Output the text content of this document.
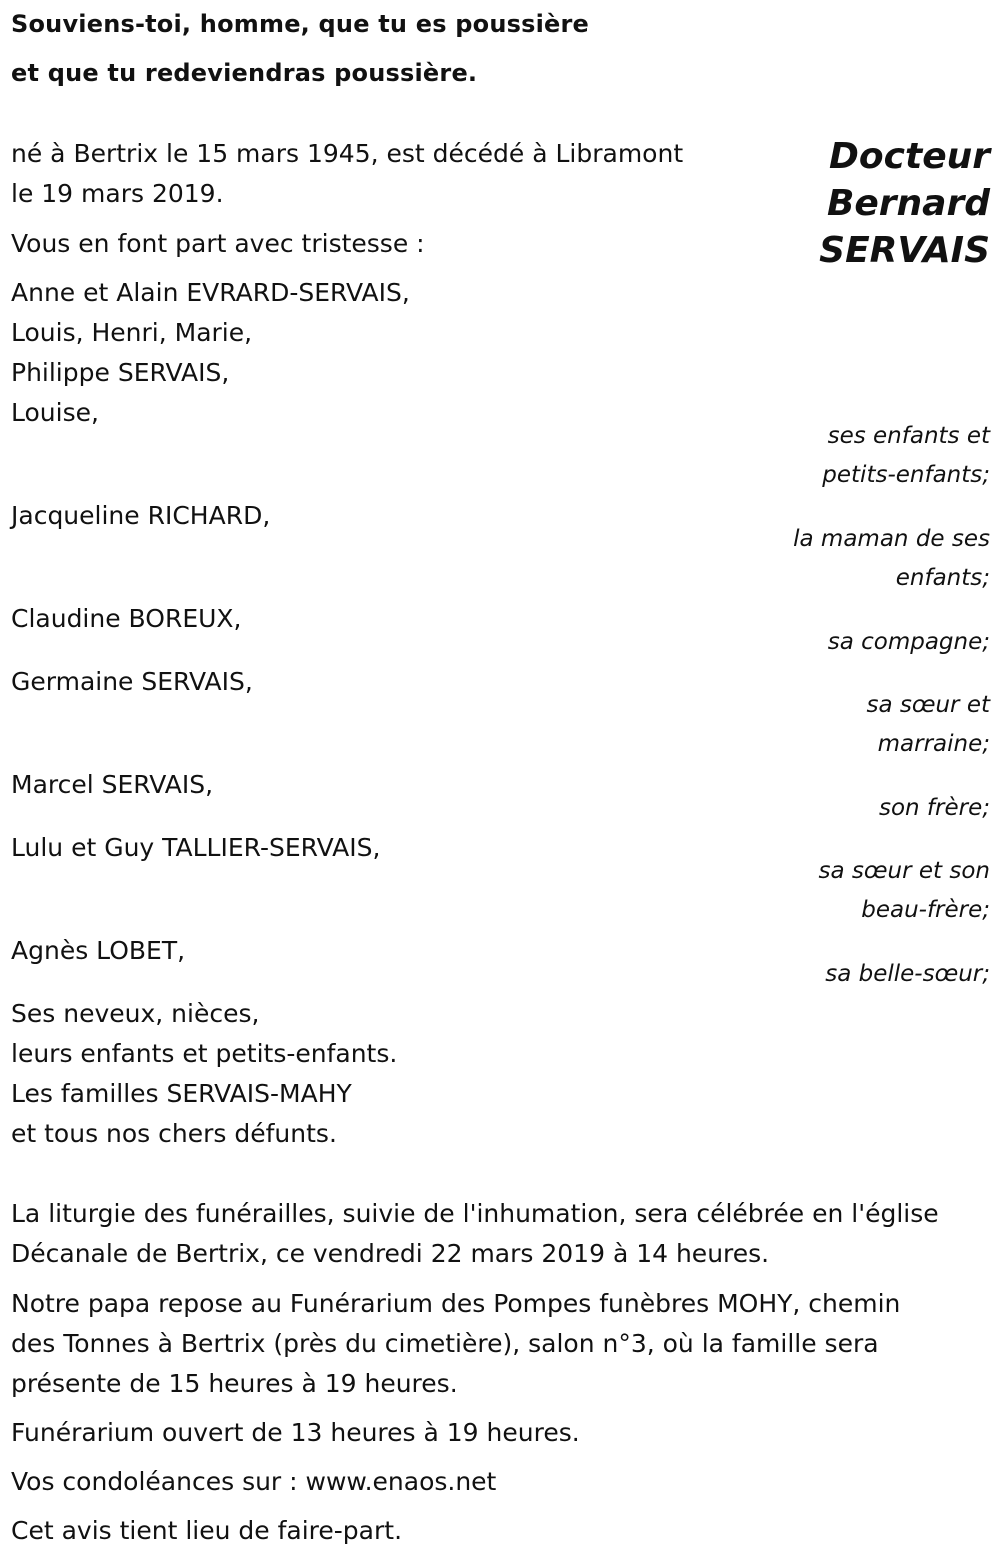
Souviens-toi, homme, que tu es poussière
et que tu redeviendras poussière.
Docteur
Bernard
SERVAIS
né à Bertrix le 15 mars 1945, est décédé à Libramont
le 19 mars 2019.
Vous en font part avec tristesse :
Anne et Alain EVRARD-SERVAIS,
Louis, Henri, Marie,
Philippe SERVAIS,
Louise,
ses enfants et
petits-enfants;
Jacqueline RICHARD,
la maman de ses
enfants;
Claudine BOREUX,
sa compagne;
Germaine SERVAIS,
sa sœur et
marraine;
Marcel SERVAIS,
son frère;
Lulu et Guy TALLIER-SERVAIS,
sa sœur et son
beau-frère;
Agnès LOBET,
sa belle-sœur;
Ses neveux, nièces,
leurs enfants et petits-enfants.
Les familles SERVAIS-MAHY
et tous nos chers défunts.
La liturgie des funérailles, suivie de l'inhumation, sera célébrée en l'église
Décanale de Bertrix, ce vendredi 22 mars 2019 à 14 heures.
Notre papa repose au Funérarium des Pompes funèbres MOHY, chemin
des Tonnes à Bertrix (près du cimetière), salon n°3, où la famille sera
présente de 15 heures à 19 heures.
Funérarium ouvert de 13 heures à 19 heures.
Vos condoléances sur : www.enaos.net
Cet avis tient lieu de faire-part.
